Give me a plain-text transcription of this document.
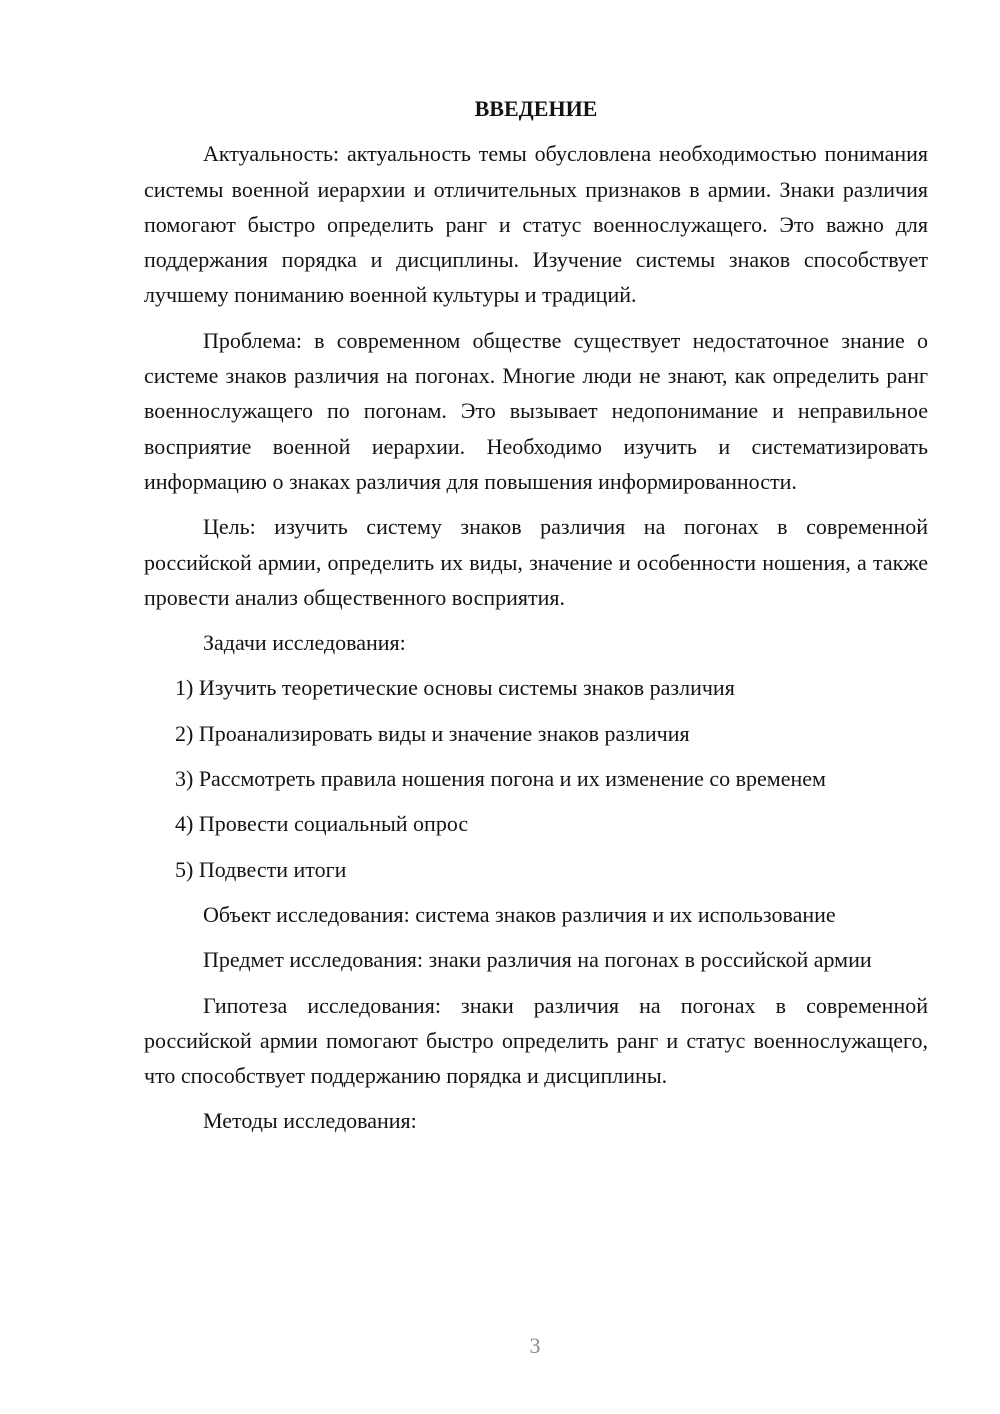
ВВЕДЕНИЕ

Актуальность: актуальность темы обусловлена необходимостью понимания системы военной иерархии и отличительных признаков в армии. Знаки различия помогают быстро определить ранг и статус военнослужащего. Это важно для поддержания порядка и дисциплины. Изучение системы знаков способствует лучшему пониманию военной культуры и традиций.

Проблема: в современном обществе существует недостаточное знание о системе знаков различия на погонах. Многие люди не знают, как определить ранг военнослужащего по погонам. Это вызывает недопонимание и неправильное восприятие военной иерархии. Необходимо изучить и систематизировать информацию о знаках различия для повышения информированности.

Цель: изучить систему знаков различия на погонах в современной российской армии, определить их виды, значение и особенности ношения, а также провести анализ общественного восприятия.

Задачи исследования:

1) Изучить теоретические основы системы знаков различия
2) Проанализировать виды и значение знаков различия
3) Рассмотреть правила ношения погона и их изменение со временем
4) Провести социальный опрос
5) Подвести итоги

Объект исследования: система знаков различия и их использование

Предмет исследования: знаки различия на погонах в российской армии

Гипотеза исследования: знаки различия на погонах в современной российской армии помогают быстро определить ранг и статус военнослужащего, что способствует поддержанию порядка и дисциплины.

Методы исследования:

3
